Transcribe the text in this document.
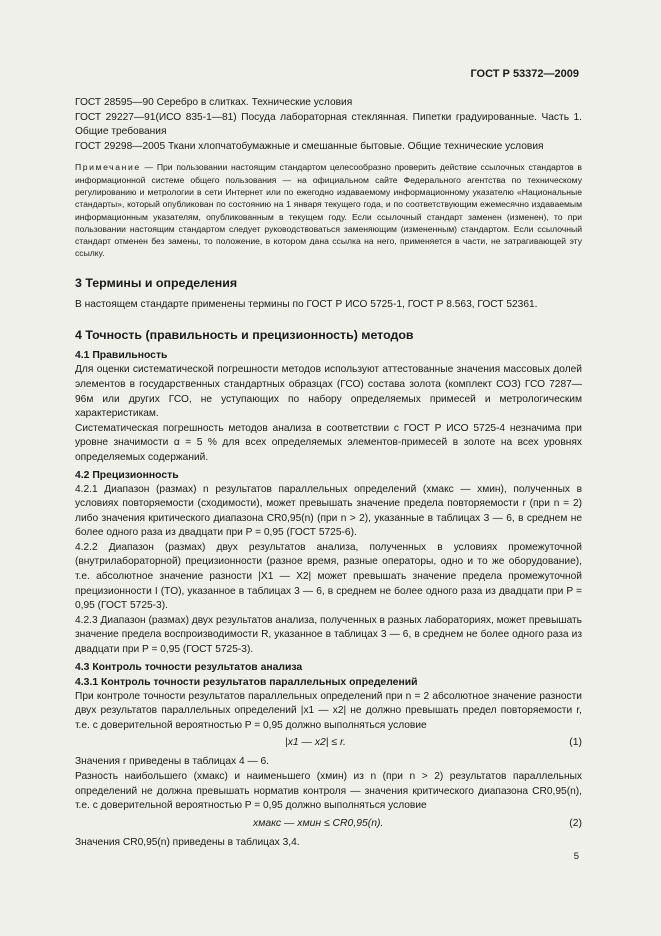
ГОСТ Р 53372—2009

ГОСТ 28595—90 Серебро в слитках. Технические условия

ГОСТ 29227—91(ИСО 835-1—81) Посуда лабораторная стеклянная. Пипетки градуированные. Часть 1. Общие требования

ГОСТ 29298—2005 Ткани хлопчатобумажные и смешанные бытовые. Общие технические условия

Примечание — При пользовании настоящим стандартом целесообразно проверить действие ссылочных стандартов в информационной системе общего пользования — на официальном сайте Федерального агентства по техническому регулированию и метрологии в сети Интернет или по ежегодно издаваемому информационному указателю «Национальные стандарты», который опубликован по состоянию на 1 января текущего года, и по соответствующим ежемесячно издаваемым информационным указателям, опубликованным в текущем году. Если ссылочный стандарт заменен (изменен), то при пользовании настоящим стандартом следует руководствоваться заменяющим (измененным) стандартом. Если ссылочный стандарт отменен без замены, то положение, в котором дана ссылка на него, применяется в части, не затрагивающей эту ссылку.

3 Термины и определения

В настоящем стандарте применены термины по ГОСТ Р ИСО 5725-1, ГОСТ Р 8.563, ГОСТ 52361.

4 Точность (правильность и прецизионность) методов
4.1 Правильность

Для оценки систематической погрешности методов используют аттестованные значения массовых долей элементов в государственных стандартных образцах (ГСО) состава золота (комплект СОЗ) ГСО 7287—96м или других ГСО, не уступающих по набору определяемых примесей и метрологическим характеристикам.

Систематическая погрешность методов анализа в соответствии с ГОСТ Р ИСО 5725-4 незначима при уровне значимости α = 5 % для всех определяемых элементов-примесей в золоте на всех уровнях определяемых содержаний.

4.2 Прецизионность

4.2.1 Диапазон (размах) n результатов параллельных определений (xмакс — xмин), полученных в условиях повторяемости (сходимости), может превышать значение предела повторяемости r (при n = 2) либо значения критического диапазона CR0,95(n) (при n > 2), указанные в таблицах 3 — 6, в среднем не более одного раза из двадцати при P = 0,95 (ГОСТ 5725-6).

4.2.2 Диапазон (размах) двух результатов анализа, полученных в условиях промежуточной (внутрилабораторной) прецизионности (разное время, разные операторы, одно и то же оборудование), т.е. абсолютное значение разности |X1 — X2| может превышать значение предела промежуточной прецизионности I (TO), указанное в таблицах 3 — 6, в среднем не более одного раза из двадцати при P = 0,95 (ГОСТ 5725-3).

4.2.3 Диапазон (размах) двух результатов анализа, полученных в разных лабораториях, может превышать значение предела воспроизводимости R, указанное в таблицах 3 — 6, в среднем не более одного раза из двадцати при P = 0,95 (ГОСТ 5725-3).

4.3 Контроль точности результатов анализа
4.3.1 Контроль точности результатов параллельных определений

При контроле точности результатов параллельных определений при n = 2 абсолютное значение разности двух результатов параллельных определений |x1 — x2| не должно превышать предел повторяемости r, т.е. с доверительной вероятностью P = 0,95 должно выполняться условие

|x1 — x2| ≤ r.	(1)

Значения r приведены в таблицах 4 — 6.

Разность наибольшего (xмакс) и наименьшего (xмин) из n (при n > 2) результатов параллельных определений не должна превышать норматив контроля — значения критического диапазона CR0,95(n), т.е. с доверительной вероятностью P = 0,95 должно выполняться условие

xмакс — xмин ≤ CR0,95(n).	(2)

Значения CR0,95(n) приведены в таблицах 3,4.

5
